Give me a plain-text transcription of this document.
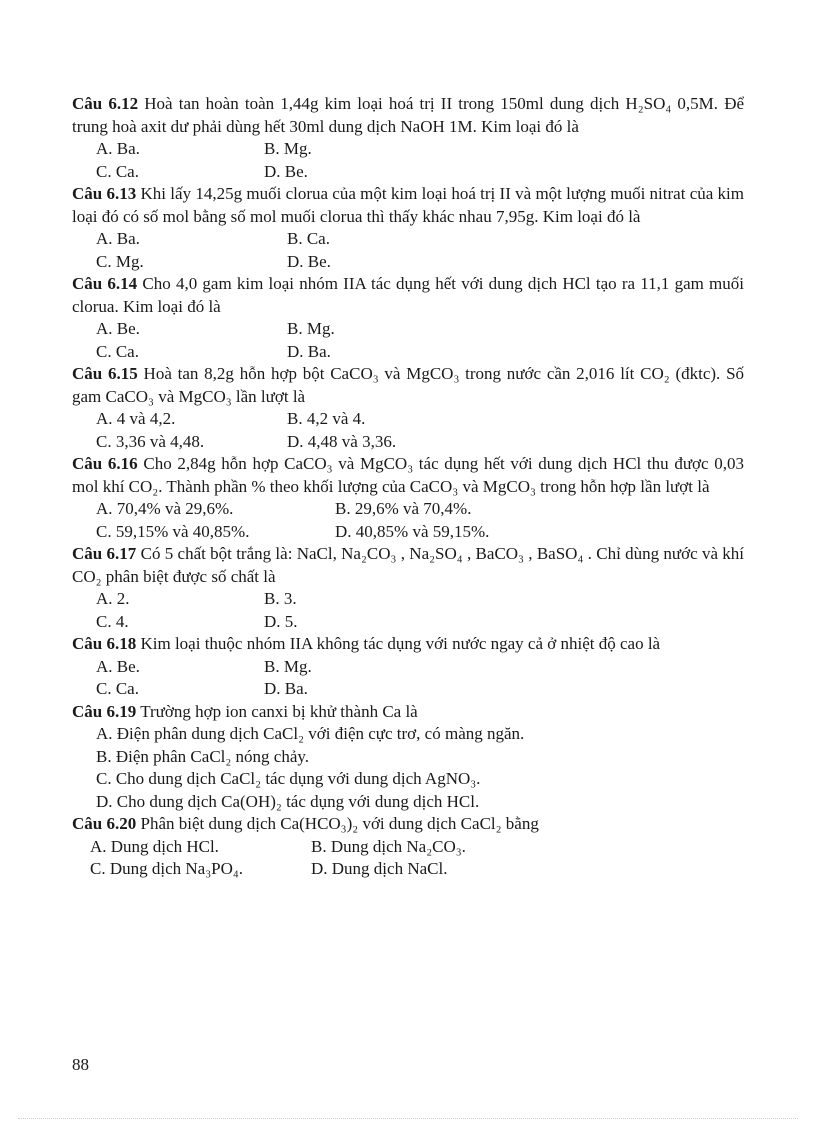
Câu 6.12 Hoà tan hoàn toàn 1,44g kim loại hoá trị II trong 150ml dung dịch H₂SO₄ 0,5M. Để trung hoà axit dư phải dùng hết 30ml dung dịch NaOH 1M. Kim loại đó là
A. Ba.	B. Mg.
C. Ca.	D. Be.
Câu 6.13 Khi lấy 14,25g muối clorua của một kim loại hoá trị II và một lượng muối nitrat của kim loại đó có số mol bằng số mol muối clorua thì thấy khác nhau 7,95g. Kim loại đó là
A. Ba.	B. Ca.
C. Mg.	D. Be.
Câu 6.14 Cho 4,0 gam kim loại nhóm IIA tác dụng hết với dung dịch HCl tạo ra 11,1 gam muối clorua. Kim loại đó là
A. Be.	B. Mg.
C. Ca.	D. Ba.
Câu 6.15 Hoà tan 8,2g hỗn hợp bột CaCO₃ và MgCO₃ trong nước cần 2,016 lít CO₂ (đktc). Số gam CaCO₃ và MgCO₃ lần lượt là
A. 4 và 4,2.	B. 4,2 và 4.
C. 3,36 và 4,48.	D. 4,48 và 3,36.
Câu 6.16 Cho 2,84g hỗn hợp CaCO₃ và MgCO₃ tác dụng hết với dung dịch HCl thu được 0,03 mol khí CO₂. Thành phần % theo khối lượng của CaCO₃ và MgCO₃ trong hỗn hợp lần lượt là
A. 70,4% và 29,6%.	B. 29,6% và 70,4%.
C. 59,15% và 40,85%.	D. 40,85% và 59,15%.
Câu 6.17 Có 5 chất bột trắng là: NaCl, Na₂CO₃ , Na₂SO₄ , BaCO₃ , BaSO₄ . Chỉ dùng nước và khí CO₂ phân biệt được số chất là
A. 2.	B. 3.
C. 4.	D. 5.
Câu 6.18 Kim loại thuộc nhóm IIA không tác dụng với nước ngay cả ở nhiệt độ cao là
A. Be.	B. Mg.
C. Ca.	D. Ba.
Câu 6.19 Trường hợp ion canxi bị khử thành Ca là
A. Điện phân dung dịch CaCl₂ với điện cực trơ, có màng ngăn.
B. Điện phân CaCl₂ nóng chảy.
C. Cho dung dịch CaCl₂ tác dụng với dung dịch AgNO₃.
D. Cho dung dịch Ca(OH)₂ tác dụng với dung dịch HCl.
Câu 6.20 Phân biệt dung dịch Ca(HCO₃)₂ với dung dịch CaCl₂ bằng
A. Dung dịch HCl.	B. Dung dịch Na₂CO₃.
C. Dung dịch Na₃PO₄.	D. Dung dịch NaCl.
88
